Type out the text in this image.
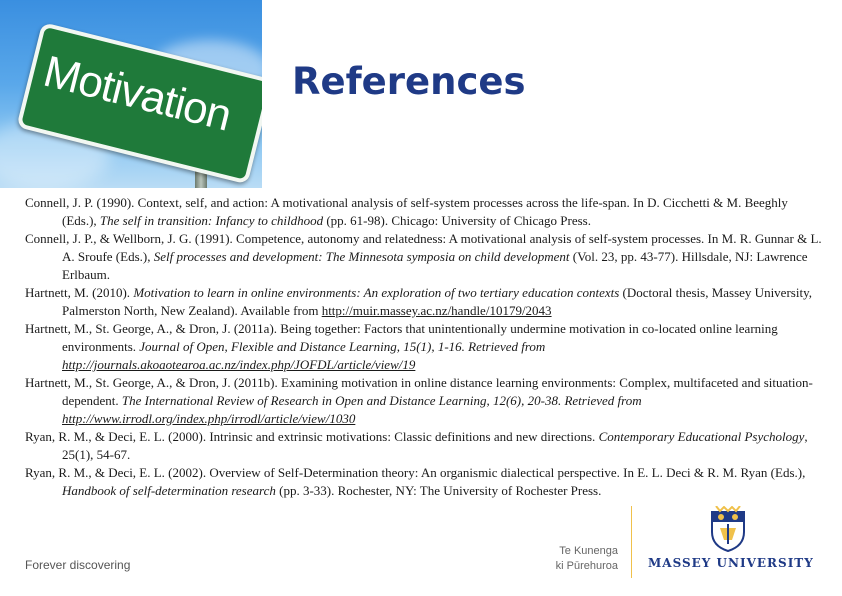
Motivation References

Connell, J. P. (1990). Context, self, and action: A motivational analysis of self-system processes across the life-span. In D. Cicchetti & M. Beeghly (Eds.), The self in transition: Infancy to childhood (pp. 61-98). Chicago: University of Chicago Press.

Connell, J. P., & Wellborn, J. G. (1991). Competence, autonomy and relatedness: A motivational analysis of self-system processes. In M. R. Gunnar & L. A. Sroufe (Eds.), Self processes and development: The Minnesota symposia on child development (Vol. 23, pp. 43-77). Hillsdale, NJ: Lawrence Erlbaum.

Hartnett, M. (2010). Motivation to learn in online environments: An exploration of two tertiary education contexts (Doctoral thesis, Massey University, Palmerston North, New Zealand). Available from http://muir.massey.ac.nz/handle/10179/2043

Hartnett, M., St. George, A., & Dron, J. (2011a). Being together: Factors that unintentionally undermine motivation in co-located online learning environments. Journal of Open, Flexible and Distance Learning, 15(1), 1-16. Retrieved from http://journals.akoaotearoa.ac.nz/index.php/JOFDL/article/view/19

Hartnett, M., St. George, A., & Dron, J. (2011b). Examining motivation in online distance learning environments: Complex, multifaceted and situation-dependent. The International Review of Research in Open and Distance Learning, 12(6), 20-38. Retrieved from http://www.irrodl.org/index.php/irrodl/article/view/1030

Ryan, R. M., & Deci, E. L. (2000). Intrinsic and extrinsic motivations: Classic definitions and new directions. Contemporary Educational Psychology, 25(1), 54-67.

Ryan, R. M., & Deci, E. L. (2002). Overview of Self-Determination theory: An organismic dialectical perspective. In E. L. Deci & R. M. Ryan (Eds.), Handbook of self-determination research (pp. 3-33). Rochester, NY: The University of Rochester Press.

Forever discovering
Te Kunenga
ki Pūrehuroa	MASSEY UNIVERSITY
